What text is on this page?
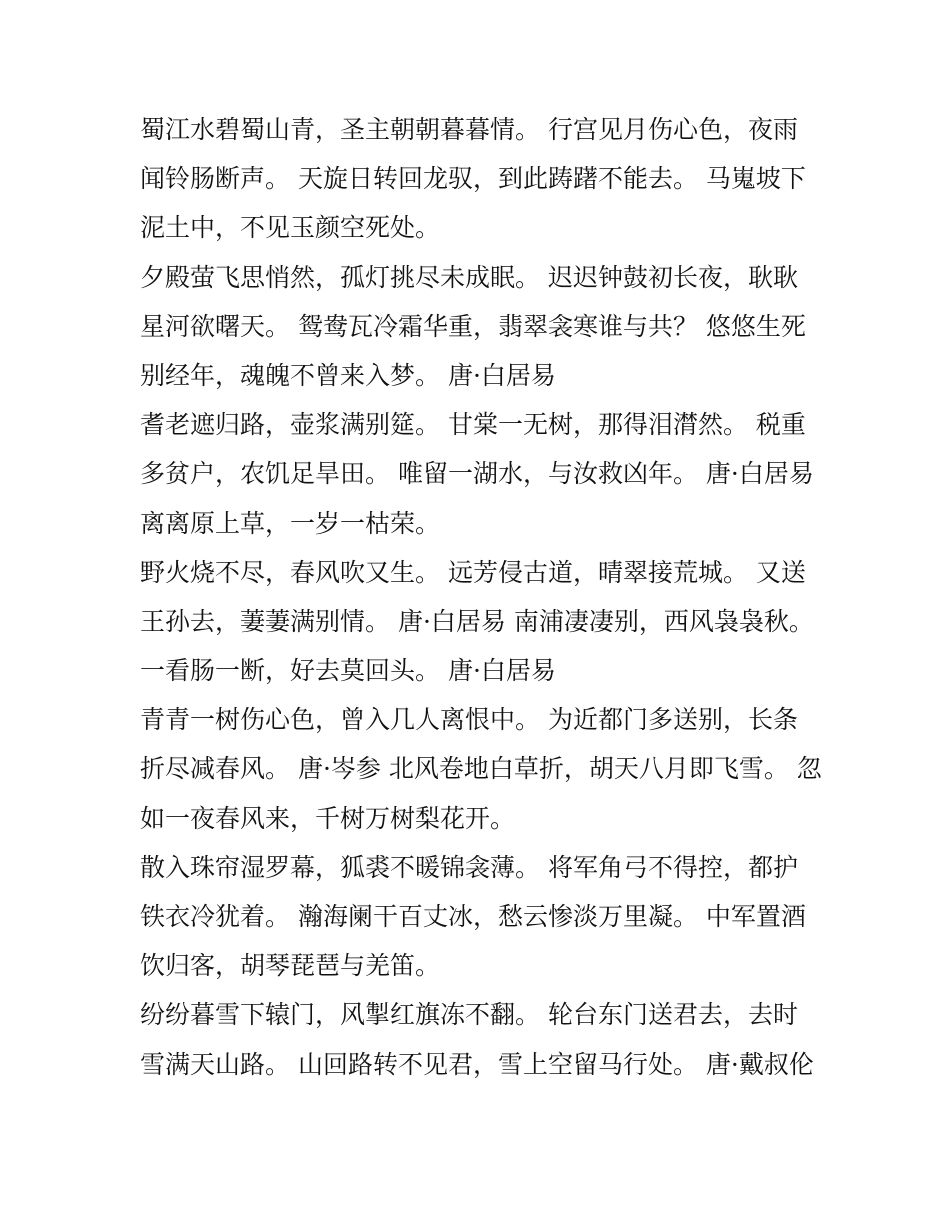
蜀江水碧蜀山青，圣主朝朝暮暮情。 行宫见月伤心色，夜雨
闻铃肠断声。 天旋日转回龙驭，到此踌躇不能去。 马嵬坡下
泥土中，不见玉颜空死处。
夕殿萤飞思悄然，孤灯挑尽未成眠。 迟迟钟鼓初长夜，耿耿
星河欲曙天。 鸳鸯瓦冷霜华重，翡翠衾寒谁与共？ 悠悠生死
别经年，魂魄不曾来入梦。 唐·白居易
耆老遮归路，壶浆满别筵。 甘棠一无树，那得泪潸然。 税重
多贫户，农饥足旱田。 唯留一湖水，与汝救凶年。 唐·白居易
离离原上草，一岁一枯荣。
野火烧不尽，春风吹又生。 远芳侵古道，晴翠接荒城。 又送
王孙去，萋萋满别情。 唐·白居易 南浦凄凄别，西风袅袅秋。
一看肠一断，好去莫回头。 唐·白居易
青青一树伤心色，曾入几人离恨中。 为近都门多送别，长条
折尽减春风。 唐·岑参 北风卷地白草折，胡天八月即飞雪。 忽
如一夜春风来，千树万树梨花开。
散入珠帘湿罗幕，狐裘不暖锦衾薄。 将军角弓不得控，都护
铁衣冷犹着。 瀚海阑干百丈冰，愁云惨淡万里凝。 中军置酒
饮归客，胡琴琵琶与羌笛。
纷纷暮雪下辕门，风掣红旗冻不翻。 轮台东门送君去，去时
雪满天山路。 山回路转不见君，雪上空留马行处。 唐·戴叔伦
